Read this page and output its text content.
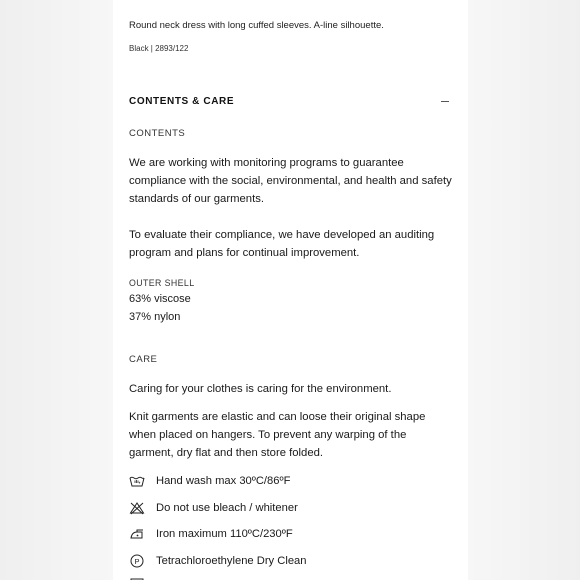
Round neck dress with long cuffed sleeves. A-line silhouette.
Black | 2893/122
CONTENTS & CARE
CONTENTS
We are working with monitoring programs to guarantee
compliance with the social, environmental, and health and safety
standards of our garments.
To evaluate their compliance, we have developed an auditing
program and plans for continual improvement.
OUTER SHELL
63% viscose
37% nylon
CARE
Caring for your clothes is caring for the environment.
Knit garments are elastic and can loose their original shape
when placed on hangers. To prevent any warping of the
garment, dry flat and then store folded.
Hand wash max 30ºC/86ºF
Do not use bleach / whitener
Iron maximum 110ºC/230ºF
P Tetrachloroethylene Dry Clean
